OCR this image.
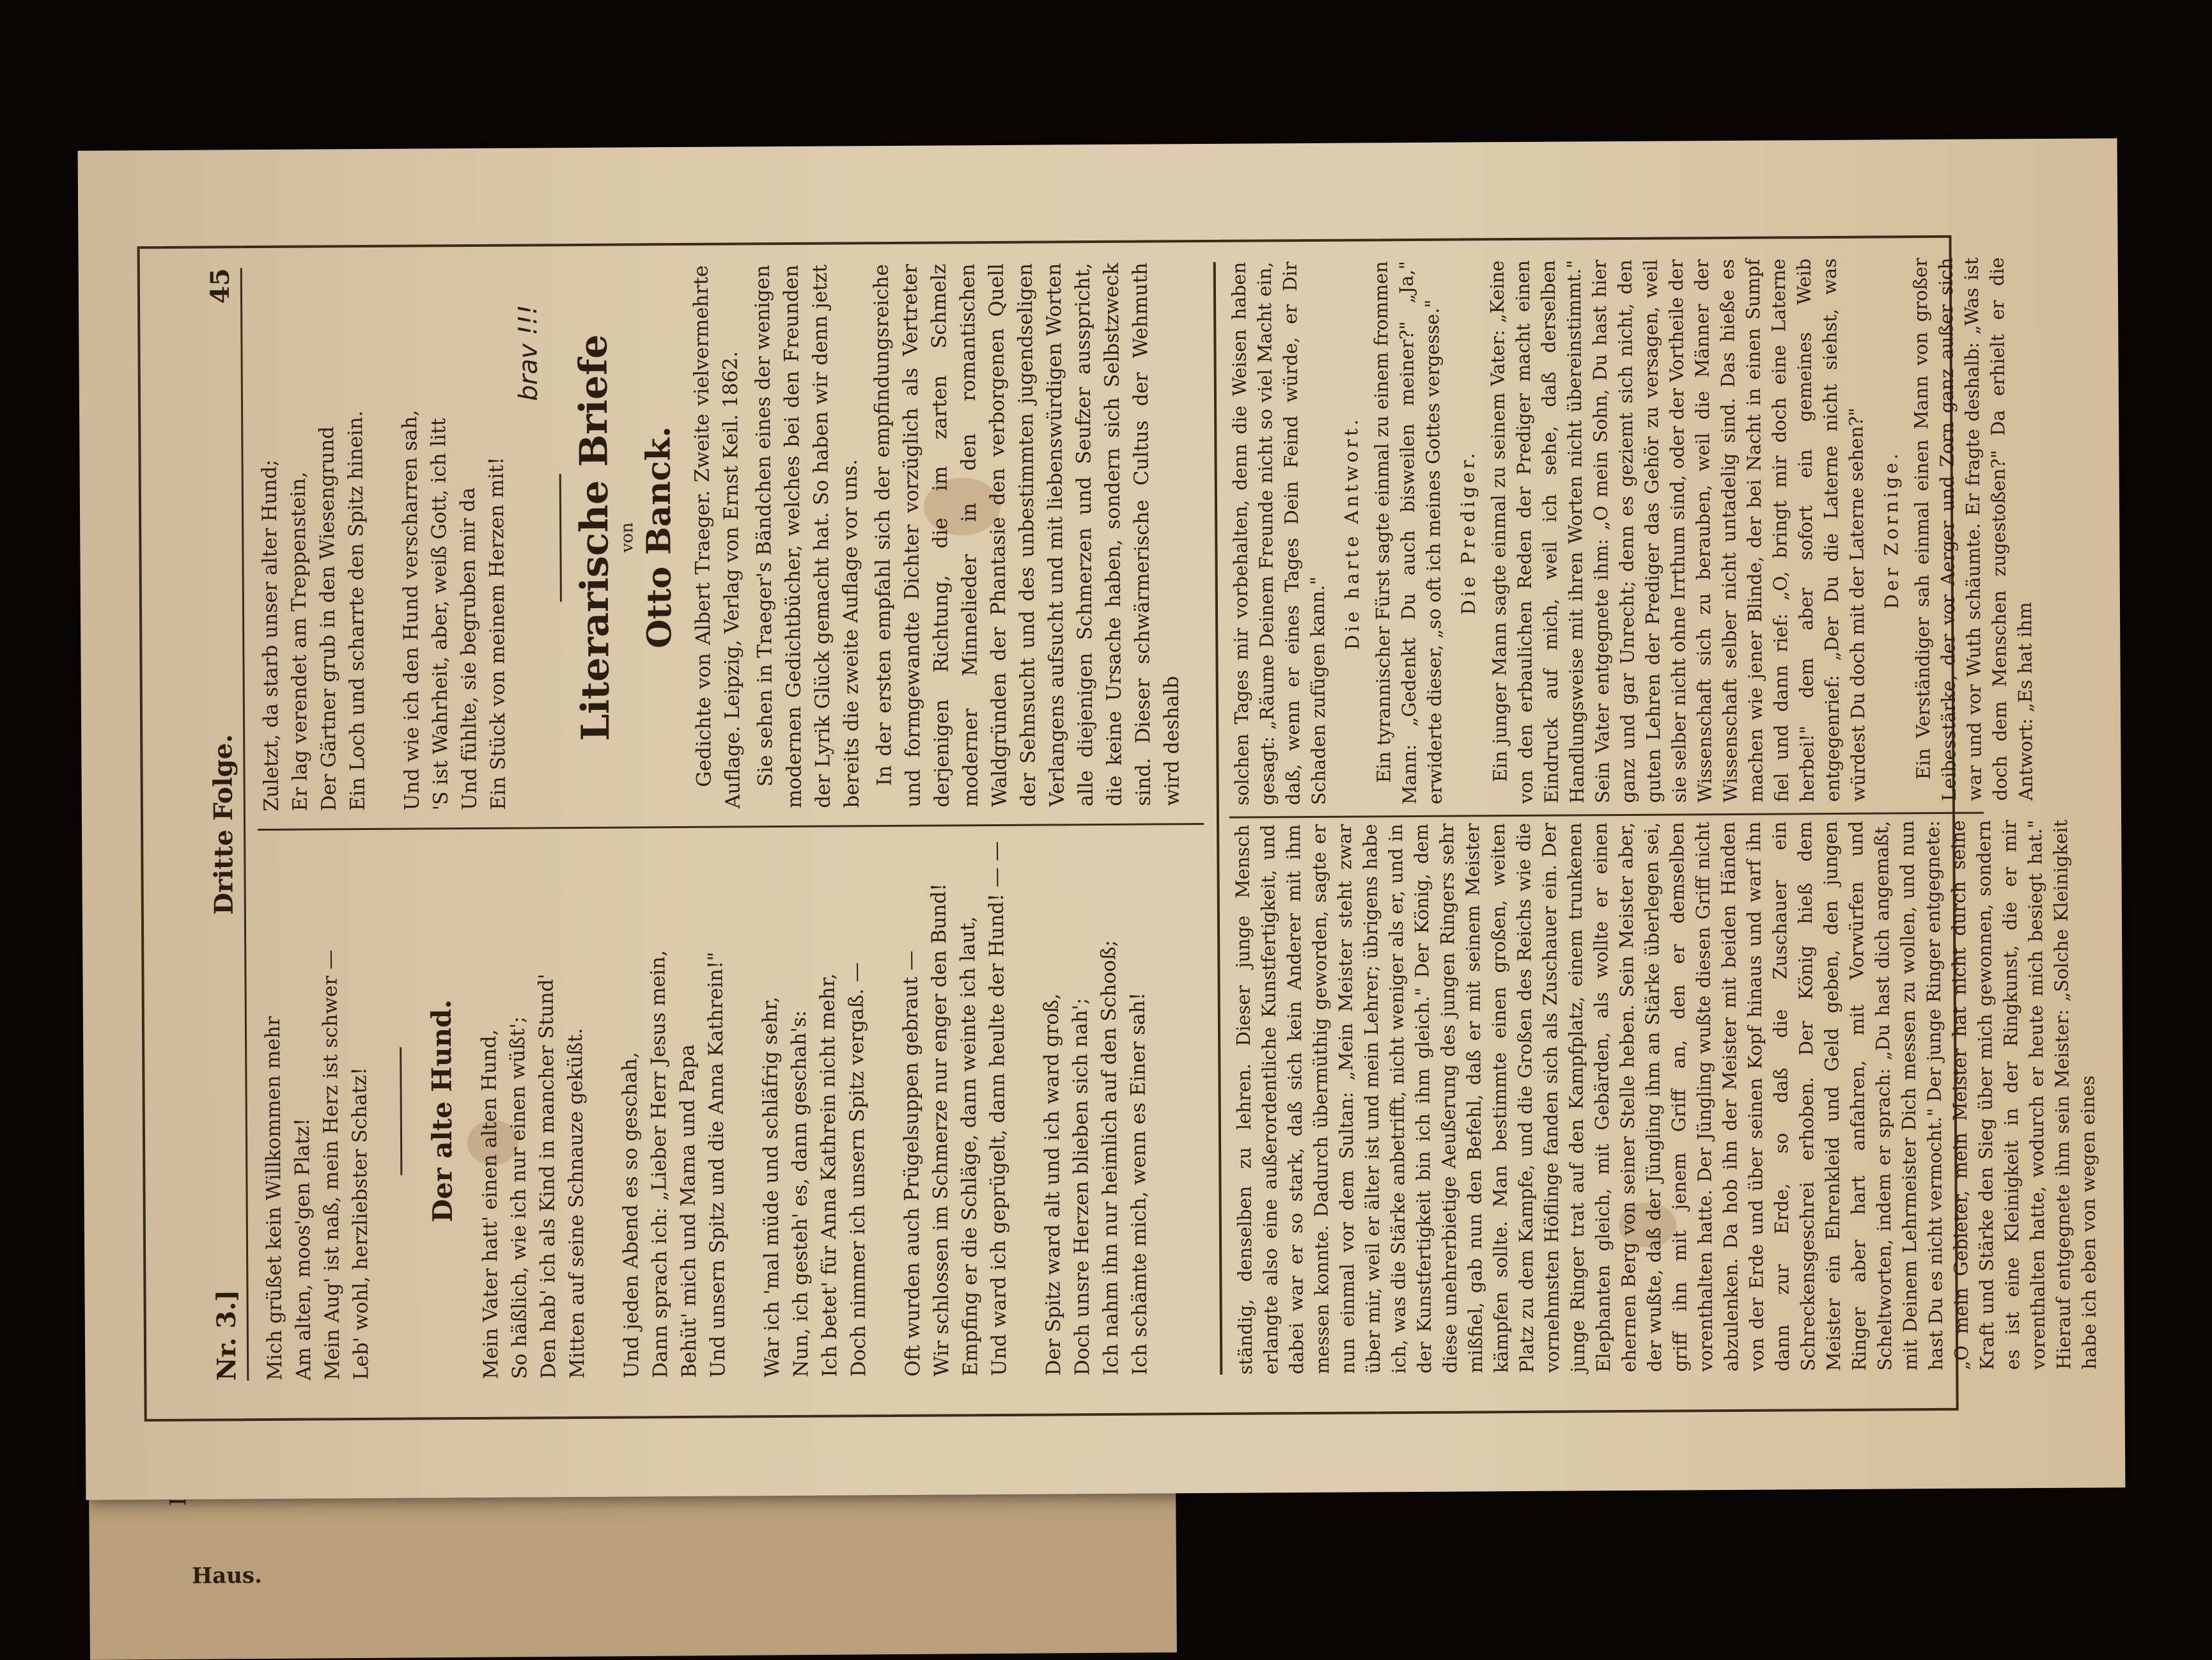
Haus.
Nr. 3.]
Dritte Folge.
45

Mich grüßet kein Willkommen mehr Am alten, moos'gen Platz! Mein Aug' ist naß, mein Herz ist schwer — Leb' wohl, herzliebster Schatz! Der alte Hund. Mein Vater hatt' einen alten Hund, So häßlich, wie ich nur einen wüßt'; Den hab' ich als Kind in mancher Stund' Mitten auf seine Schnauze geküßt. Und jeden Abend es so geschah, Dann sprach ich: „Lieber Herr Jesus mein, Behüt' mich und Mama und Papa Und unsern Spitz und die Anna Kathrein!" War ich 'mal müde und schläfrig sehr, Nun, ich gesteh' es, dann geschah's: Ich betet' für Anna Kathrein nicht mehr, Doch nimmer ich unsern Spitz vergaß. — Oft wurden auch Prügelsuppen gebraut — Wir schlossen im Schmerze nur enger den Bund! Empfing er die Schläge, dann weinte ich laut, Und ward ich geprügelt, dann heulte der Hund! — — Der Spitz ward alt und ich ward groß, Doch unsre Herzen blieben sich nah'; Ich nahm ihn nur heimlich auf den Schooß; Ich schämte mich, wenn es Einer sah!

Zuletzt, da starb unser alter Hund; Er lag verendet am Treppenstein, Der Gärtner grub in den Wiesengrund Ein Loch und scharrte den Spitz hinein. Und wie ich den Hund verscharren sah, 'S ist Wahrheit, aber, weiß Gott, ich litt Und fühlte, sie begruben mir da Ein Stück von meinem Herzen mit!

brav !!! Literarische Briefe
von Otto Banck. Gedichte von Albert Traeger. Zweite vielvermehrte Auflage. Leipzig, Verlag von Ernst Keil. 1862. Sie sehen in Traeger's Bändchen eines der wenigen modernen Gedichtbücher, welches bei den Freunden der Lyrik Glück gemacht hat. So haben wir denn jetzt bereits die zweite Auflage vor uns. In der ersten empfahl sich der empfindungsreiche und formgewandte Dichter vorzüglich als Vertreter derjenigen Richtung, die im zarten Schmelz moderner Minnelieder in den romantischen Waldgründen der Phantasie den verborgenen Quell der Sehnsucht und des unbestimmten jugendseligen Verlangens aufsucht und mit liebenswürdigen Worten alle diejenigen Schmerzen und Seufzer ausspricht, die keine Ursache haben, sondern sich Selbstzweck sind. Dieser schwärmerische Cultus der Wehmuth wird deshalb

ständig, denselben zu lehren. Dieser junge Mensch erlangte also eine außerordentliche Kunstfertigkeit, und dabei war er so stark, daß sich kein Anderer mit ihm messen konnte. Dadurch übermüthig geworden, sagte er nun einmal vor dem Sultan: „Mein Meister steht zwar über mir, weil er älter ist und mein Lehrer; übrigens habe ich, was die Stärke anbetrifft, nicht weniger als er, und in der Kunstfertigkeit bin ich ihm gleich." Der König, dem diese unehrerbietige Aeußerung des jungen Ringers sehr mißfiel, gab nun den Befehl, daß er mit seinem Meister kämpfen sollte. Man bestimmte einen großen, weiten Platz zu dem Kampfe, und die Großen des Reichs wie die vornehmsten Höflinge fanden sich als Zuschauer ein. Der junge Ringer trat auf den Kampfplatz, einem trunkenen Elephanten gleich, mit Gebärden, als wollte er einen ehernen Berg von seiner Stelle heben. Sein Meister aber, der wußte, daß der Jüngling ihm an Stärke überlegen sei, griff ihn mit jenem Griff an, den er demselben vorenthalten hatte. Der Jüngling wußte diesen Griff nicht abzulenken. Da hob ihn der Meister mit beiden Händen von der Erde und über seinen Kopf hinaus und warf ihn dann zur Erde, so daß die Zuschauer ein Schreckensgeschrei erhoben. Der König hieß dem Meister ein Ehrenkleid und Geld geben, den jungen Ringer aber hart anfahren, mit Vorwürfen und Scheltworten, indem er sprach: „Du hast dich angemaßt, mit Deinem Lehrmeister Dich messen zu wollen, und nun hast Du es nicht vermocht." Der junge Ringer entgegnete: „O mein Gebieter, mein Meister hat nicht durch seine Kraft und Stärke den Sieg über mich gewonnen, sondern es ist eine Kleinigkeit in der Ringkunst, die er mir vorenthalten hatte, wodurch er heute mich besiegt hat." Hierauf entgegnete ihm sein Meister: „Solche Kleinigkeit habe ich eben von wegen eines

solchen Tages mir vorbehalten, denn die Weisen haben gesagt: „Räume Deinem Freunde nicht so viel Macht ein, daß, wenn er eines Tages Dein Feind würde, er Dir Schaden zufügen kann."

Die harte Antwort. Ein tyrannischer Fürst sagte einmal zu einem frommen Mann: „Gedenkt Du auch bisweilen meiner?" „Ja," erwiderte dieser, „so oft ich meines Gottes vergesse." Die Prediger. Ein junger Mann sagte einmal zu seinem Vater: „Keine von den erbaulichen Reden der Prediger macht einen Eindruck auf mich, weil ich sehe, daß derselben Handlungsweise mit ihren Worten nicht übereinstimmt." Sein Vater entgegnete ihm: „O mein Sohn, Du hast hier ganz und gar Unrecht; denn es geziemt sich nicht, den guten Lehren der Prediger das Gehör zu versagen, weil sie selber nicht ohne Irrthum sind, oder der Vortheile der Wissenschaft sich zu berauben, weil die Männer der Wissenschaft selber nicht untadelig sind. Das hieße es machen wie jener Blinde, der bei Nacht in einen Sumpf fiel und dann rief: „O, bringt mir doch eine Laterne herbei!" dem aber sofort ein gemeines Weib entgegenrief: „Der Du die Laterne nicht siehst, was würdest Du doch mit der Laterne sehen?" Der Zornige. Ein Verständiger sah einmal einen Mann von großer Leibesstärke, der vor Aerger und Zorn ganz außer sich war und vor Wuth schäumte. Er fragte deshalb: „Was ist doch dem Menschen zugestoßen?" Da erhielt er die Antwort: „Es hat ihm
